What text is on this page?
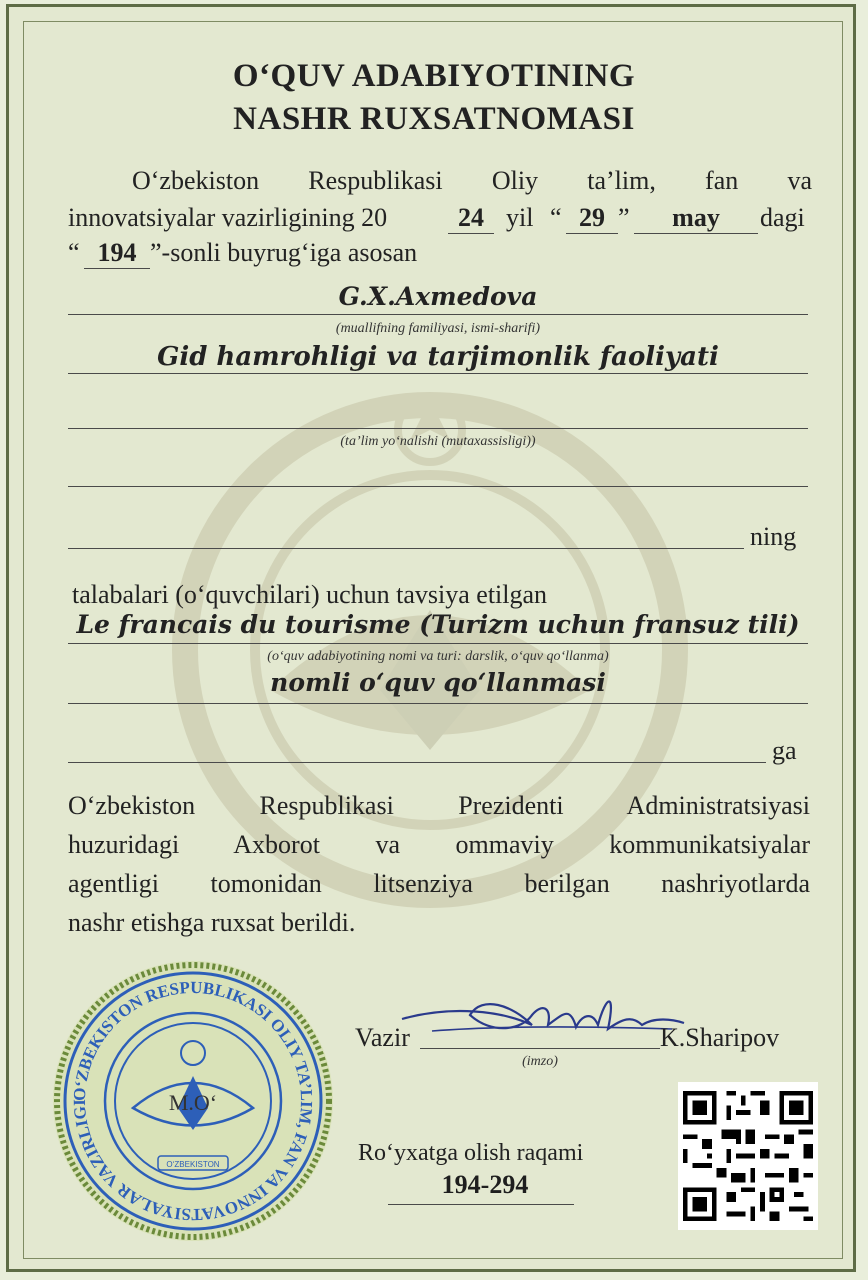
O‘QUV ADABIYOTINING
NASHR RUXSATNOMASI
O‘zbekiston Respublikasi Oliy ta’lim, fan va
innovatsiyalar vazirligining 20	24 yil “ 29 ”	may	dagi
“ 194 ”-sonli buyrug‘iga asosan
G.X.Axmedova
(muallifning familiyasi, ismi-sharifi)
Gid hamrohligi va tarjimonlik faoliyati
(ta’lim yo‘nalishi (mutaxassisligi))
ning
talabalari (o‘quvchilari) uchun tavsiya etilgan
Le francais du tourisme (Turizm uchun fransuz tili)
(o‘quv adabiyotining nomi va turi: darslik, o‘quv qo‘llanma)
nomli o‘quv qo‘llanmasi
ga
O‘zbekiston Respublikasi Prezidenti Administratsiyasi
huzuridagi Axborot va ommaviy kommunikatsiyalar
agentligi tomonidan litsenziya berilgan nashriyotlarda
nashr etishga ruxsat berildi.
Vazir
(imzo)
K.Sharipov
O‘ZBEKISTON RESPUBLIKASI OLIY TA’LIM, FAN VA INNOVATSIYALAR VAZIRLIGI
O‘ZBEKISTON
M.O‘
Ro‘yxatga olish raqami
194-294
